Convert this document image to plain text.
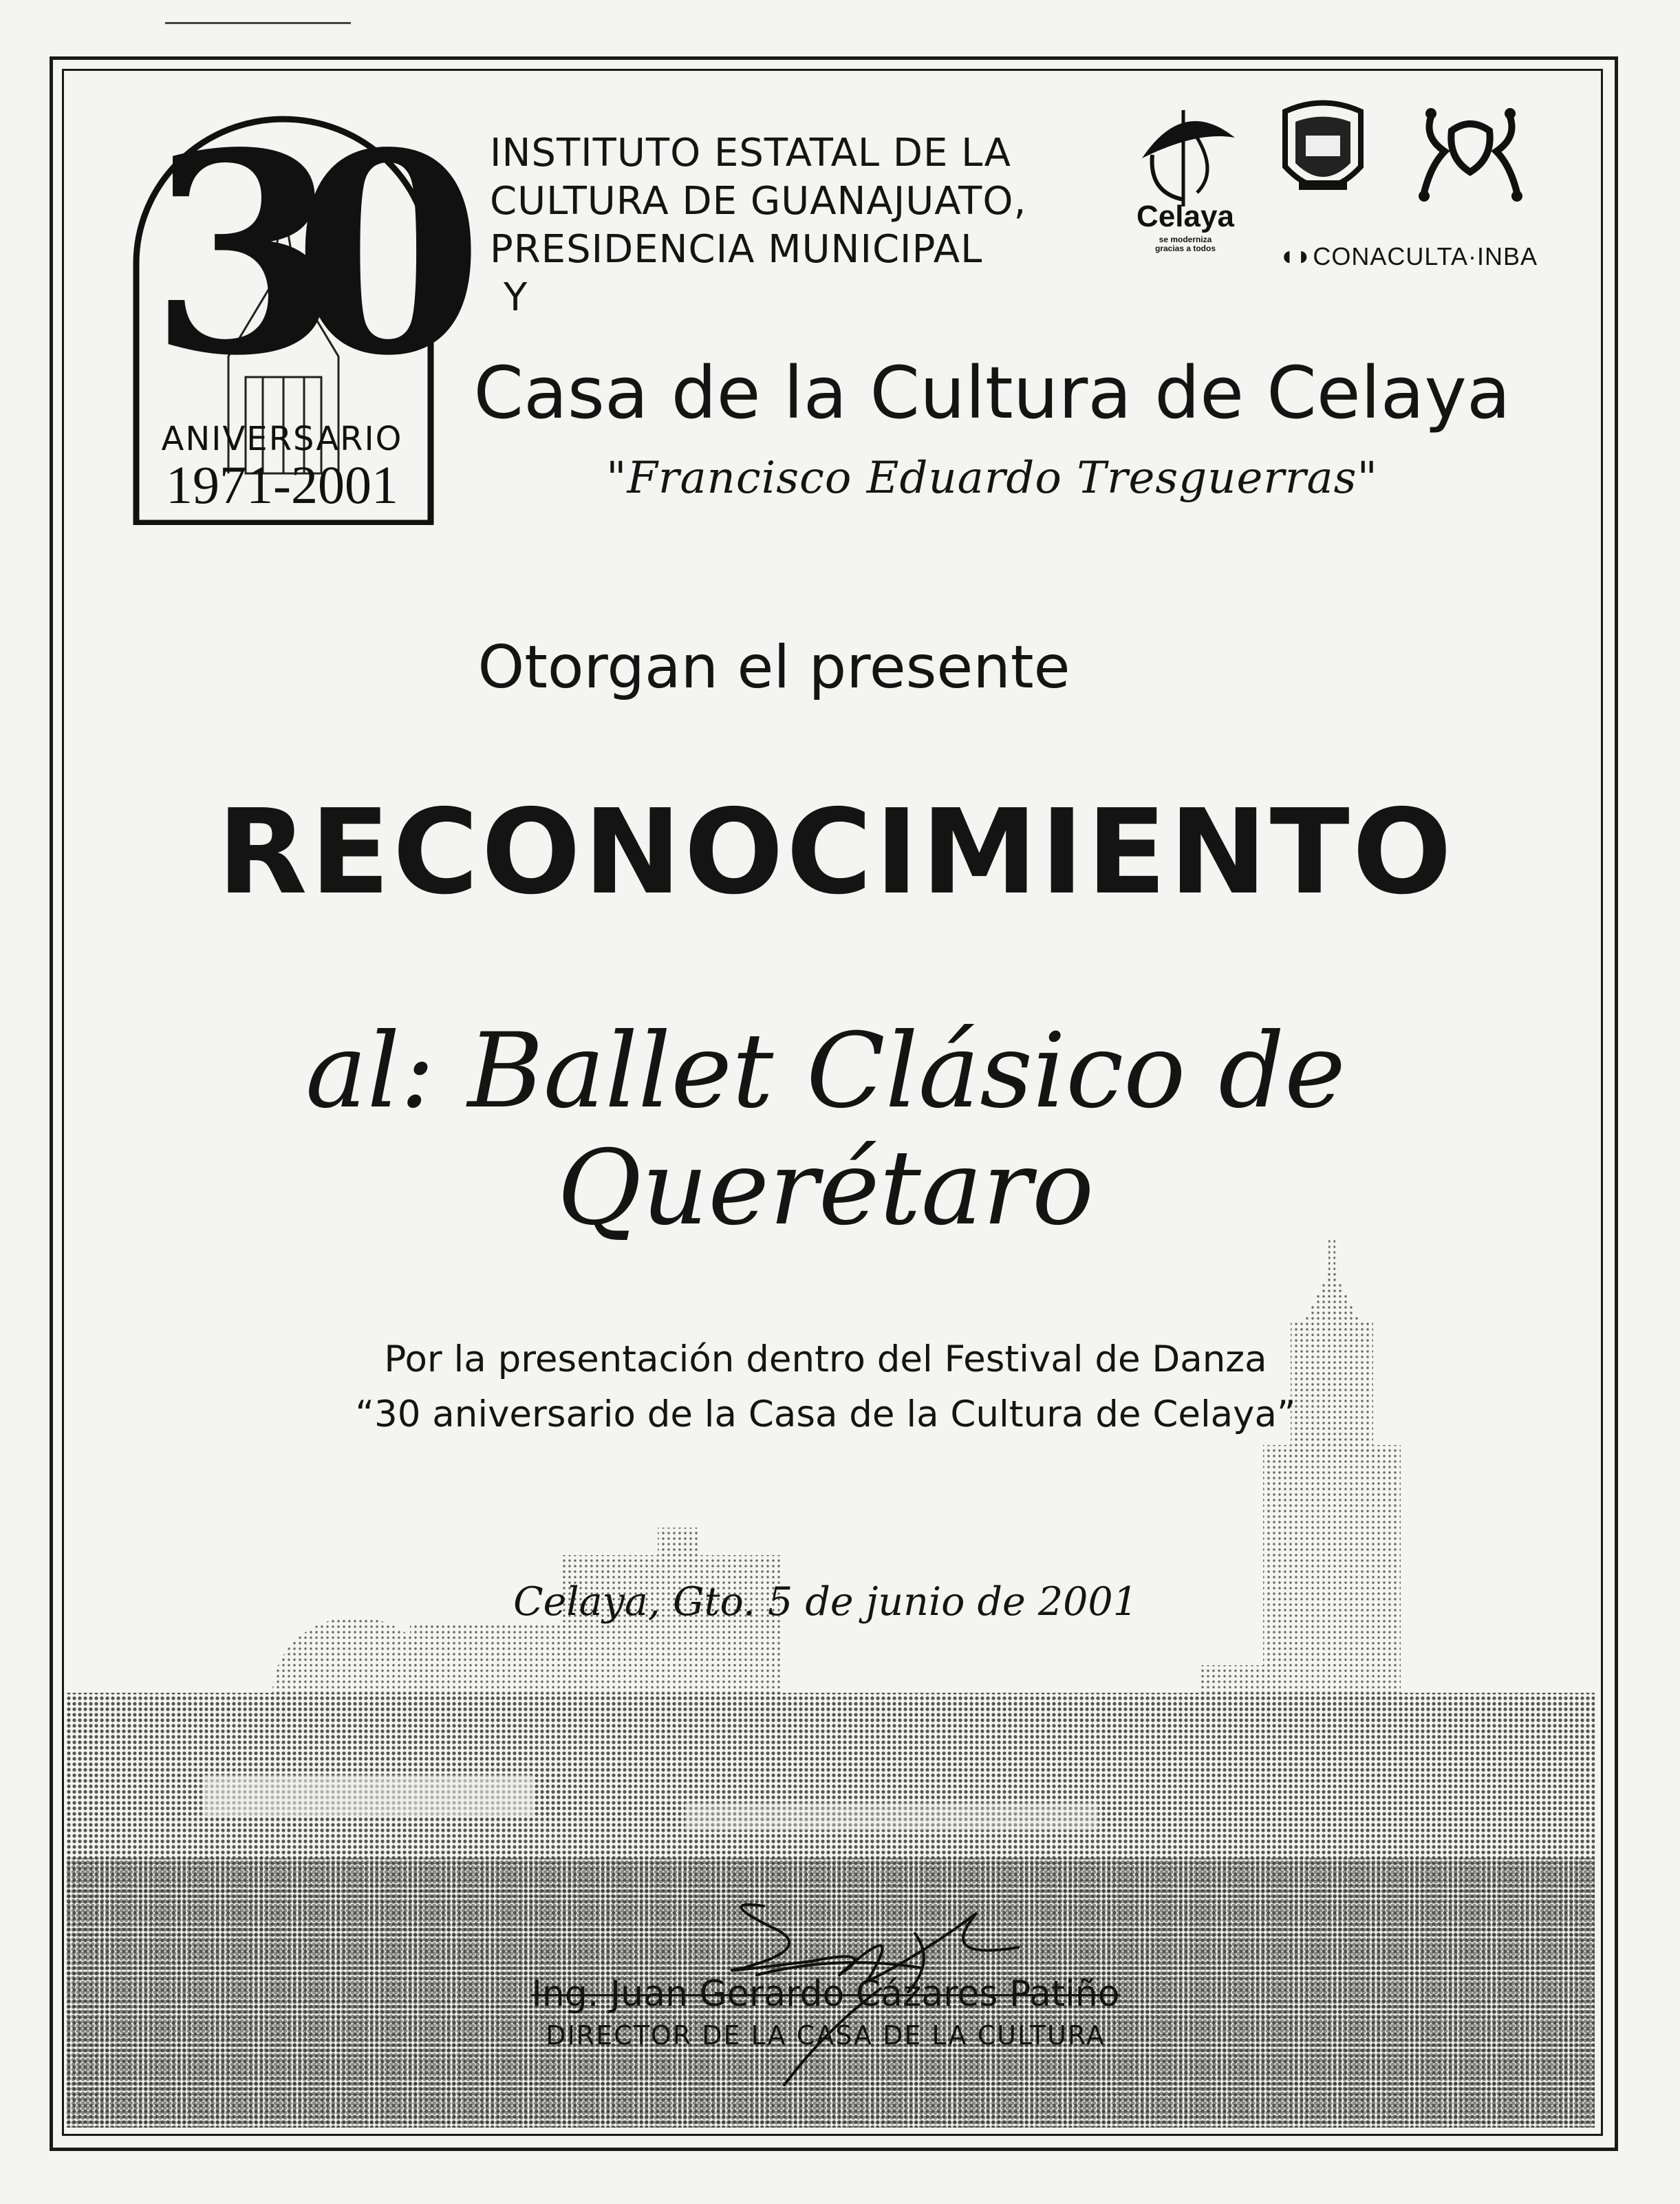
30
ANIVERSARIO
1971-2001
INSTITUTO ESTATAL DE LA
CULTURA DE GUANAJUATO,
PRESIDENCIA MUNICIPAL
Y
Celaya
se moderniza
gracias a todos	◖◗CONACULTA·INBA
Casa de la Cultura de Celaya
"Francisco Eduardo Tresguerras"
Otorgan el presente
RECONOCIMIENTO
al: Ballet Clásico de
Querétaro
Por la presentación dentro del Festival de Danza
“30 aniversario de la Casa de la Cultura de Celaya”
Celaya, Gto. 5 de junio de 2001
Ing. Juan Gerardo Cázares Patiño
DIRECTOR DE LA CASA DE LA CULTURA
